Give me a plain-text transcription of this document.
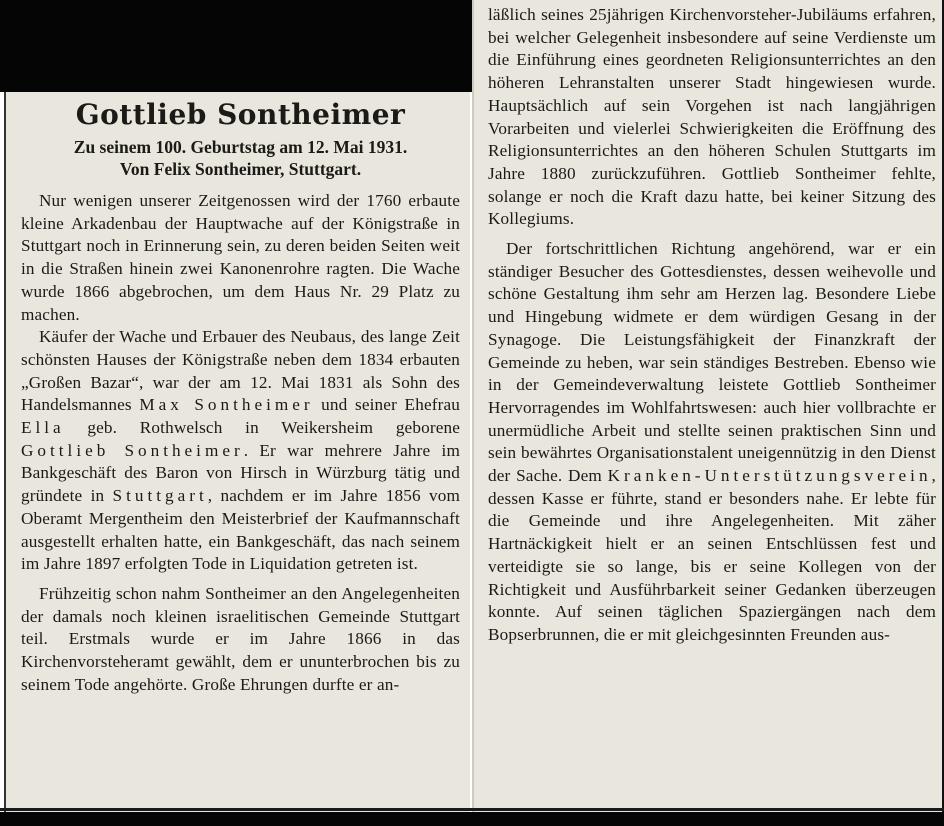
Gottlieb Sontheimer

Zu seinem 100. Geburtstag am 12. Mai 1931.

Von Felix Sontheimer, Stuttgart.

Nur wenigen unserer Zeitgenossen wird der 1760 erbaute kleine Arkadenbau der Hauptwache auf der Königstraße in Stuttgart noch in Erinnerung sein, zu deren beiden Seiten weit in die Straßen hinein zwei Kanonenrohre ragten. Die Wache wurde 1866 abgebrochen, um dem Haus Nr. 29 Platz zu machen.

Käufer der Wache und Erbauer des Neubaus, des lange Zeit schönsten Hauses der Königstraße neben dem 1834 erbauten „Großen Bazar“, war der am 12. Mai 1831 als Sohn des Handelsmannes Max Sontheimer und seiner Ehefrau Ella geb. Rothwelsch in Weikersheim geborene Gottlieb Sontheimer. Er war mehrere Jahre im Bankgeschäft des Baron von Hirsch in Würzburg tätig und gründete in Stuttgart, nachdem er im Jahre 1856 vom Oberamt Mergentheim den Meisterbrief der Kaufmannschaft ausgestellt erhalten hatte, ein Bankgeschäft, das nach seinem im Jahre 1897 erfolgten Tode in Liquidation getreten ist.

Frühzeitig schon nahm Sontheimer an den Angelegenheiten der damals noch kleinen israelitischen Gemeinde Stuttgart teil. Erstmals wurde er im Jahre 1866 in das Kirchenvorsteheramt gewählt, dem er ununterbrochen bis zu seinem Tode angehörte. Große Ehrungen durfte er an-

läßlich seines 25jährigen Kirchenvorsteher-Jubiläums erfahren, bei welcher Gelegenheit insbesondere auf seine Verdienste um die Einführung eines geordneten Religionsunterrichtes an den höheren Lehranstalten unserer Stadt hingewiesen wurde. Hauptsächlich auf sein Vorgehen ist nach langjährigen Vorarbeiten und vielerlei Schwierigkeiten die Eröffnung des Religionsunterrichtes an den höheren Schulen Stuttgarts im Jahre 1880 zurückzuführen. Gottlieb Sontheimer fehlte, solange er noch die Kraft dazu hatte, bei keiner Sitzung des Kollegiums.

Der fortschrittlichen Richtung angehörend, war er ein ständiger Besucher des Gottesdienstes, dessen weihevolle und schöne Gestaltung ihm sehr am Herzen lag. Besondere Liebe und Hingebung widmete er dem würdigen Gesang in der Synagoge. Die Leistungsfähigkeit der Finanzkraft der Gemeinde zu heben, war sein ständiges Bestreben. Ebenso wie in der Gemeindeverwaltung leistete Gottlieb Sontheimer Hervorragendes im Wohlfahrtswesen: auch hier vollbrachte er unermüdliche Arbeit und stellte seinen praktischen Sinn und sein bewährtes Organisationstalent uneigennützig in den Dienst der Sache. Dem Kranken-Unterstützungsverein, dessen Kasse er führte, stand er besonders nahe. Er lebte für die Gemeinde und ihre Angelegenheiten. Mit zäher Hartnäckigkeit hielt er an seinen Entschlüssen fest und verteidigte sie so lange, bis er seine Kollegen von der Richtigkeit und Ausführbarkeit seiner Gedanken überzeugen konnte. Auf seinen täglichen Spaziergängen nach dem Bopserbrunnen, die er mit gleichgesinnten Freunden aus-
